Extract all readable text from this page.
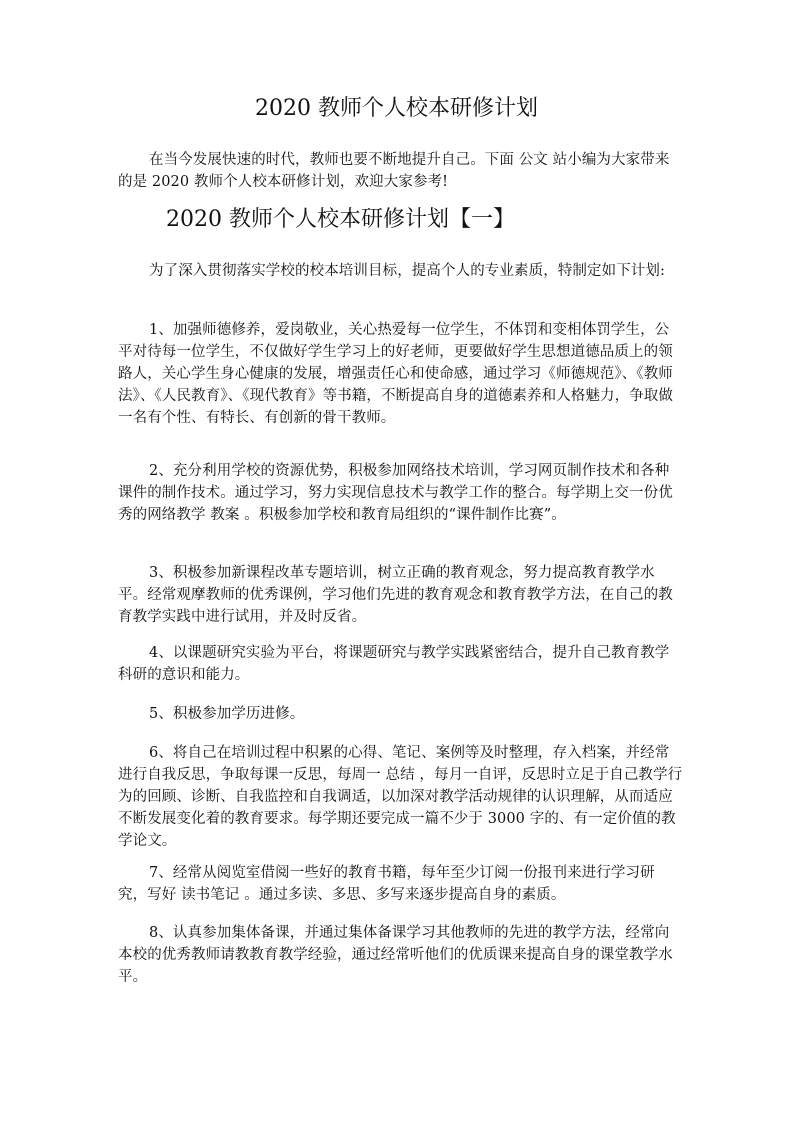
2020 教师个人校本研修计划

在当今发展快速的时代，教师也要不断地提升自己。下面 公文 站小编为大家带来的是 2020 教师个人校本研修计划，欢迎大家参考!

2020 教师个人校本研修计划【一】

为了深入贯彻落实学校的校本培训目标，提高个人的专业素质，特制定如下计划:

1、加强师德修养，爱岗敬业，关心热爱每一位学生，不体罚和变相体罚学生，公平对待每一位学生，不仅做好学生学习上的好老师，更要做好学生思想道德品质上的领路人，关心学生身心健康的发展，增强责任心和使命感，通过学习《师德规范》、《教师法》、《人民教育》、《现代教育》等书籍，不断提高自身的道德素养和人格魅力，争取做一名有个性、有特长、有创新的骨干教师。

2、充分利用学校的资源优势，积极参加网络技术培训，学习网页制作技术和各种课件的制作技术。通过学习，努力实现信息技术与教学工作的整合。每学期上交一份优秀的网络教学 教案 。积极参加学校和教育局组织的“课件制作比赛”。

3、积极参加新课程改革专题培训，树立正确的教育观念，努力提高教育教学水平。经常观摩教师的优秀课例，学习他们先进的教育观念和教育教学方法，在自己的教育教学实践中进行试用，并及时反省。

4、以课题研究实验为平台，将课题研究与教学实践紧密结合，提升自己教育教学科研的意识和能力。

5、积极参加学历进修。

6、将自己在培训过程中积累的心得、笔记、案例等及时整理，存入档案，并经常进行自我反思，争取每课一反思，每周一 总结 ，每月一自评，反思时立足于自己教学行为的回顾、诊断、自我监控和自我调适，以加深对教学活动规律的认识理解，从而适应不断发展变化着的教育要求。每学期还要完成一篇不少于 3000 字的、有一定价值的教学论文。

7、经常从阅览室借阅一些好的教育书籍，每年至少订阅一份报刊来进行学习研究，写好 读书笔记 。通过多读、多思、多写来逐步提高自身的素质。

8、认真参加集体备课，并通过集体备课学习其他教师的先进的教学方法，经常向本校的优秀教师请教教育教学经验，通过经常听他们的优质课来提高自身的课堂教学水平。
